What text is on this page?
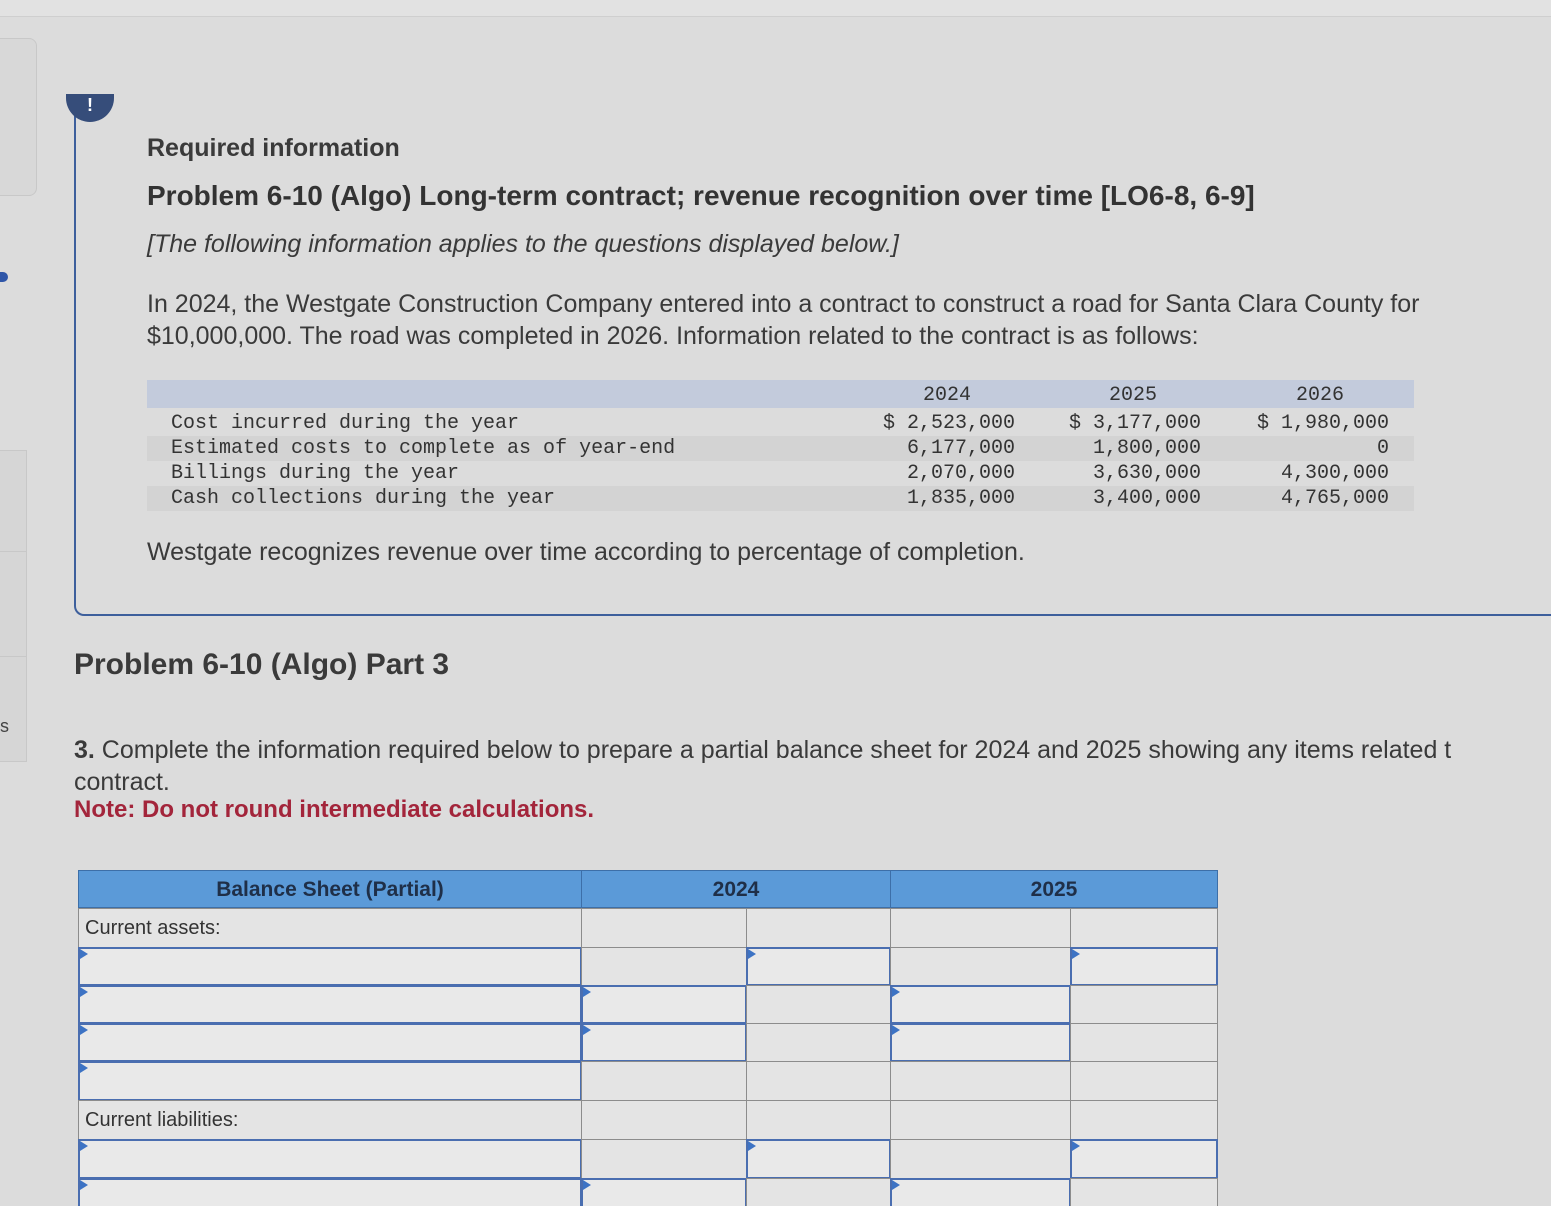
s
!
Required information
Problem 6-10 (Algo) Long-term contract; revenue recognition over time [LO6-8, 6-9]
[The following information applies to the questions displayed below.]
In 2024, the Westgate Construction Company entered into a contract to construct a road for Santa Clara County for $10,000,000. The road was completed in 2026. Information related to the contract is as follows:
2024	2025	2026
Cost incurred during the year	$ 2,523,000	$ 3,177,000	$ 1,980,000
Estimated costs to complete as of year-end	6,177,000	1,800,000	0
Billings during the year	2,070,000	3,630,000	4,300,000
Cash collections during the year	1,835,000	3,400,000	4,765,000
Westgate recognizes revenue over time according to percentage of completion.
Problem 6-10 (Algo) Part 3
3. Complete the information required below to prepare a partial balance sheet for 2024 and 2025 showing any items related t
contract.
Note: Do not round intermediate calculations.
Balance Sheet (Partial)	2024	2025
Current assets:
Current liabilities:
